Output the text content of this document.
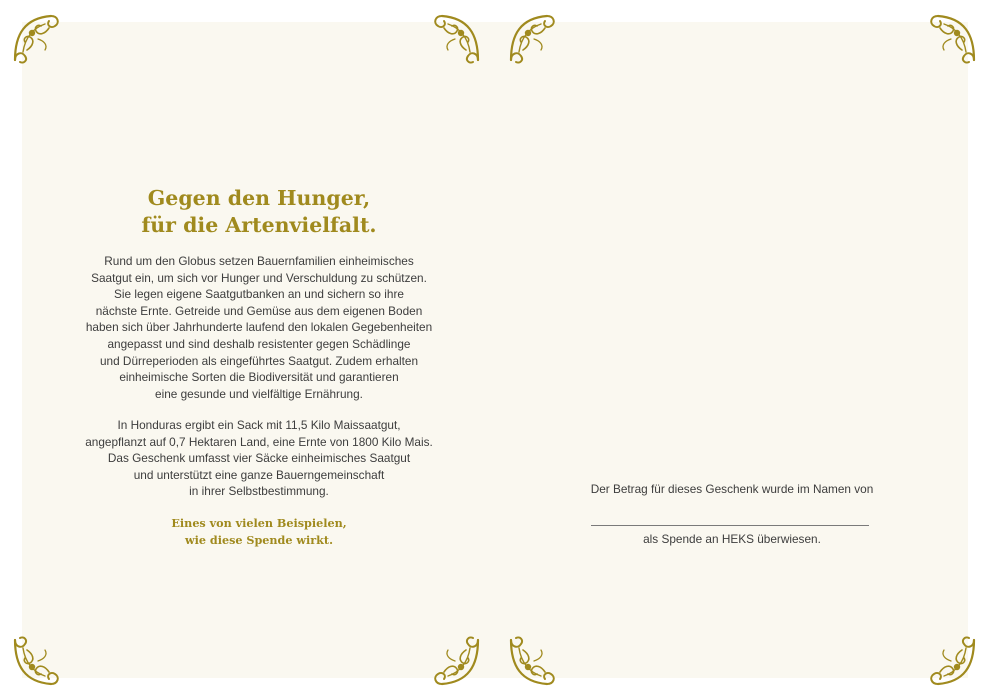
Gegen den Hunger,
für die Artenvielfalt.

Rund um den Globus setzen Bauernfamilien einheimisches
Saatgut ein, um sich vor Hunger und Verschuldung zu schützen.
Sie legen eigene Saatgutbanken an und sichern so ihre
nächste Ernte. Getreide und Gemüse aus dem eigenen Boden
haben sich über Jahrhunderte laufend den lokalen Gegebenheiten
angepasst und sind deshalb resistenter gegen Schädlinge
und Dürreperioden als eingeführtes Saatgut. Zudem erhalten
einheimische Sorten die Biodiversität und garantieren
eine gesunde und vielfältige Ernährung.

In Honduras ergibt ein Sack mit 11,5 Kilo Maissaatgut,
angepflanzt auf 0,7 Hektaren Land, eine Ernte von 1800 Kilo Mais.
Das Geschenk umfasst vier Säcke einheimisches Saatgut
und unterstützt eine ganze Bauerngemeinschaft
in ihrer Selbstbestimmung.

Eines von vielen Beispielen,
wie diese Spende wirkt.

Der Betrag für dieses Geschenk wurde im Namen von

als Spende an HEKS überwiesen.
